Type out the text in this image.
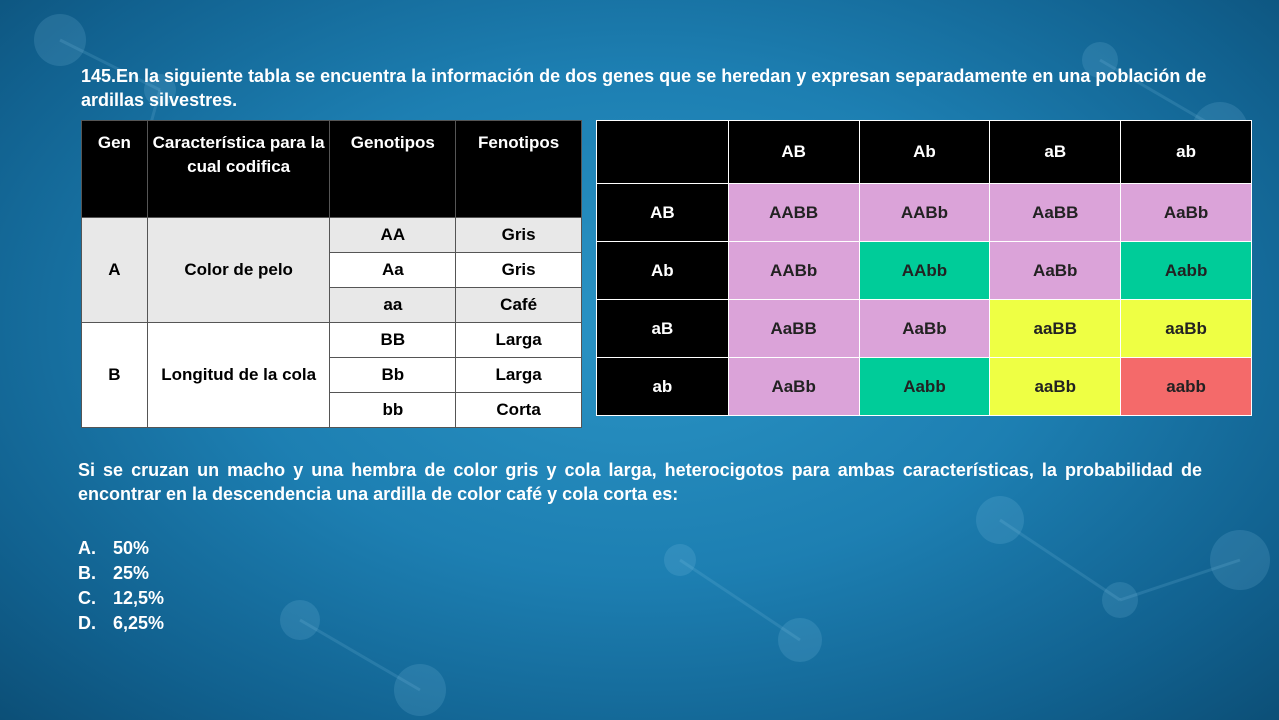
145.En la siguiente tabla se encuentra la información de dos genes que se heredan y expresan separadamente en una población de ardillas silvestres.
Gen	Característica para la cual codifica	Genotipos	Fenotipos
A	Color de pelo	AA	Gris
		Aa	Gris
		aa	Café
B	Longitud de la cola	BB	Larga
		Bb	Larga
		bb	Corta
	AB	Ab	aB	ab
AB	AABB	AABb	AaBB	AaBb
Ab	AABb	AAbb	AaBb	Aabb
aB	AaBB	AaBb	aaBB	aaBb
ab	AaBb	Aabb	aaBb	aabb
Si se cruzan un macho y una hembra de color gris y cola larga, heterocigotos para ambas características, la probabilidad de encontrar en la descendencia una ardilla de color café y cola corta es:
A. 50%
B. 25%
C. 12,5%
D. 6,25%
